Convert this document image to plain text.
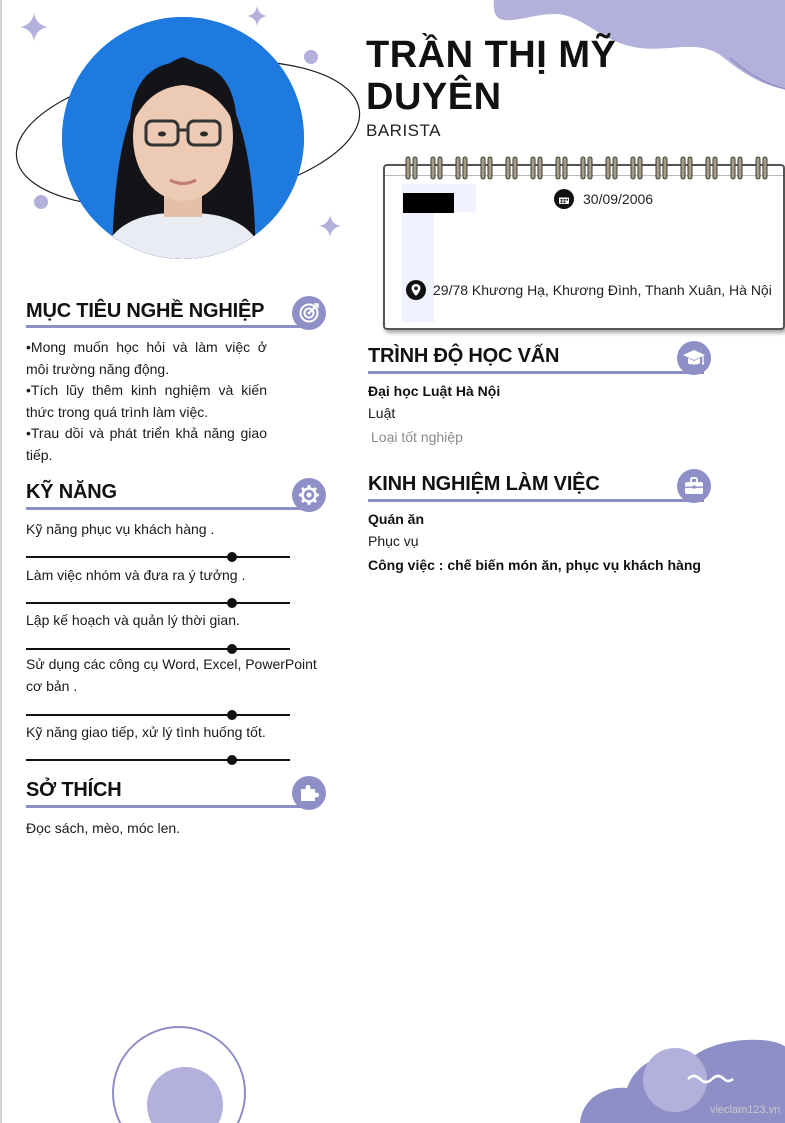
TRẦN THỊ MỸ
DUYÊN
BARISTA
30/09/2006
29/78 Khương Hạ, Khương Đình, Thanh Xuân, Hà Nội
MỤC TIÊU NGHỀ NGHIỆP
•Mong muốn học hỏi và làm việc ở môi trường năng động.
•Tích lũy thêm kinh nghiệm và kiến thức trong quá trình làm việc.
•Trau dồi và phát triển khả năng giao tiếp.
KỸ NĂNG
Kỹ năng phục vụ khách hàng .
Làm việc nhóm và đưa ra ý tưởng .
Lập kế hoạch và quản lý thời gian.
Sử dụng các công cụ Word, Excel, PowerPoint cơ bản .
Kỹ năng giao tiếp, xử lý tình huống tốt.
SỞ THÍCH
Đọc sách, mèo, móc len.
TRÌNH ĐỘ HỌC VẤN
Đại học Luật Hà Nội
Luật
Loại tốt nghiệp
KINH NGHIỆM LÀM VIỆC
Quán ăn
Phục vụ
Công việc : chế biến món ăn, phục vụ khách hàng
vieclam123.vn
